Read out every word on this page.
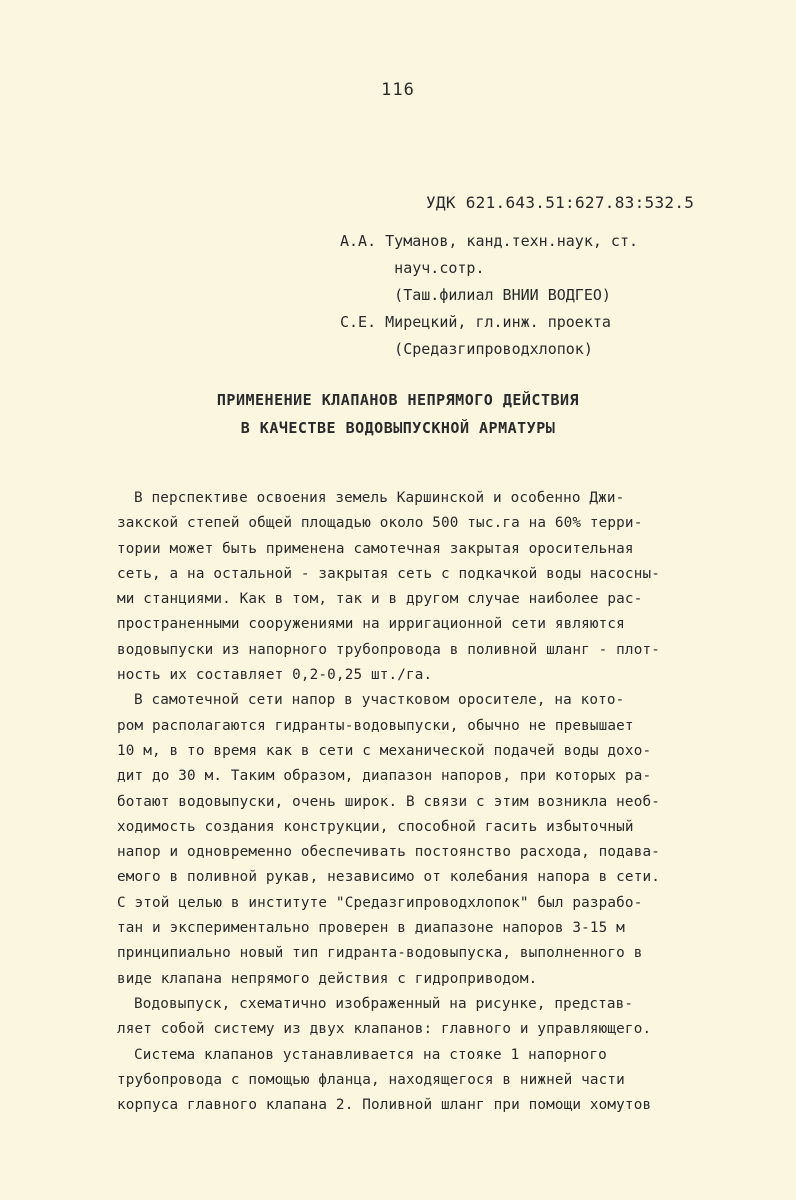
116
УДК 621.643.51:627.83:532.5
А.А. Туманов, канд.техн.наук, ст.
науч.сотр.
(Таш.филиал ВНИИ ВОДГЕО)
С.Е. Мирецкий, гл.инж. проекта
(Средазгипроводхлопок)
ПРИМЕНЕНИЕ КЛАПАНОВ НЕПРЯМОГО ДЕЙСТВИЯ
В КАЧЕСТВЕ ВОДОВЫПУСКНОЙ АРМАТУРЫ
В перспективе освоения земель Каршинской и особенно Джи-
закской степей общей площадью около 500 тыс.га на 60% терри-
тории может быть применена самотечная закрытая оросительная
сеть, а на остальной - закрытая сеть с подкачкой воды насосны-
ми станциями. Как в том, так и в другом случае наиболее рас-
пространенными сооружениями на ирригационной сети являются
водовыпуски из напорного трубопровода в поливной шланг - плот-
ность их составляет 0,2-0,25 шт./га.
В самотечной сети напор в участковом оросителе, на кото-
ром располагаются гидранты-водовыпуски, обычно не превышает
10 м, в то время как в сети с механической подачей воды дохо-
дит до 30 м. Таким образом, диапазон напоров, при которых ра-
ботают водовыпуски, очень широк. В связи с этим возникла необ-
ходимость создания конструкции, способной гасить избыточный
напор и одновременно обеспечивать постоянство расхода, подава-
емого в поливной рукав, независимо от колебания напора в сети.
С этой целью в институте "Средазгипроводхлопок" был разрабо-
тан и экспериментально проверен в диапазоне напоров 3-15 м
принципиально новый тип гидранта-водовыпуска, выполненного в
виде клапана непрямого действия с гидроприводом.
Водовыпуск, схематично изображенный на рисунке, представ-
ляет собой систему из двух клапанов: главного и управляющего.
Система клапанов устанавливается на стояке 1 напорного
трубопровода с помощью фланца, находящегося в нижней части
корпуса главного клапана 2. Поливной шланг при помощи хомутов
